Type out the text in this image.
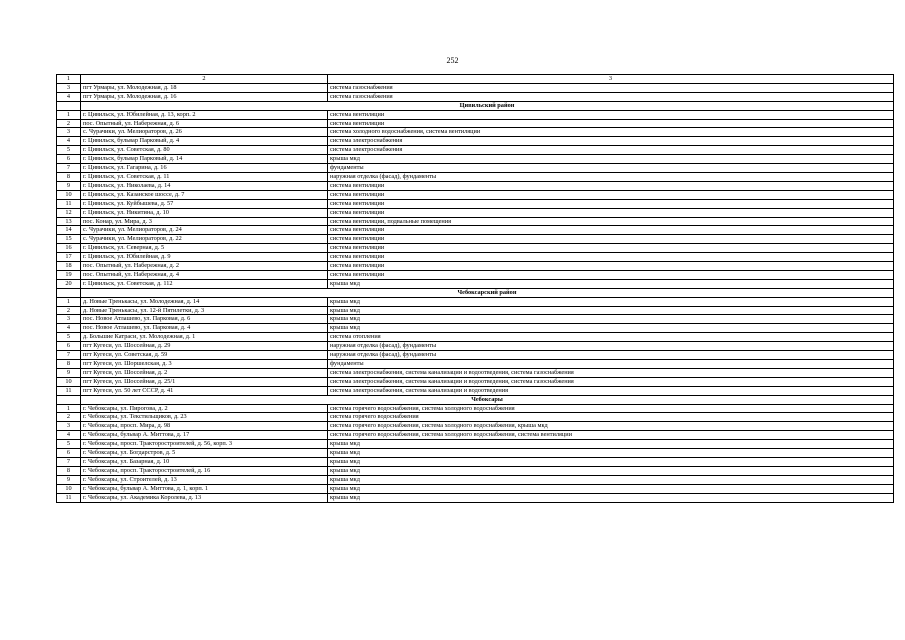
252
1	2	3
3	пгт Урмары, ул. Молодежная, д. 18	система газоснабжения
4	пгт Урмары, ул. Молодежная, д. 16	система газоснабжения
	Цивильский район	
1	г. Цивильск, ул. Юбилейная, д. 13, корп. 2	система вентиляции
2	пос. Опытный, ул. Набережная, д. 6	система вентиляции
3	с. Чурачики, ул. Мелиораторов, д. 26	система холодного водоснабжения, система вентиляции
4	г. Цивильск, бульвар Парковый, д. 4	система электроснабжения
5	г. Цивильск, ул. Советская, д. 80	система электроснабжения
6	г. Цивильск, бульвар Парковый, д. 14	крыша мкд
7	г. Цивильск, ул. Гагарина, д. 16	фундаменты
8	г. Цивильск, ул. Советская, д. 11	наружная отделка (фасад), фундаменты
9	г. Цивильск, ул. Николаева, д. 14	система вентиляции
10	г. Цивильск, ул. Казанское шоссе, д. 7	система вентиляции
11	г. Цивильск, ул. Куйбышева, д. 57	система вентиляции
12	г. Цивильск, ул. Никитина, д. 10	система вентиляции
13	пос. Конар, ул. Мира, д. 3	система вентиляции, подвальные помещения
14	с. Чурачики, ул. Мелиораторов, д. 24	система вентиляции
15	с. Чурачики, ул. Мелиораторов, д. 22	система вентиляции
16	г. Цивильск, ул. Северная, д. 5	система вентиляции
17	г. Цивильск, ул. Юбилейная, д. 9	система вентиляции
18	пос. Опытный, ул. Набережная, д. 2	система вентиляции
19	пос. Опытный, ул. Набережная, д. 4	система вентиляции
20	г. Цивильск, ул. Советская, д. 112	крыша мкд
	Чебоксарский район	
1	д. Новые Тренькасы, ул. Молодежная, д. 14	крыша мкд
2	д. Новые Тренькасы, ул. 12-й Пятилетки, д. 3	крыша мкд
3	пос. Новое Атлашево, ул. Парковая, д. 6	крыша мкд
4	пос. Новое Атлашево, ул. Парковая, д. 4	крыша мкд
5	д. Большие Катраси, ул. Молодежная, д. 1	система отопления
6	пгт Кугеси, ул. Шоссейная, д. 29	наружная отделка (фасад), фундаменты
7	пгт Кугеси, ул. Советская, д. 59	наружная отделка (фасад), фундаменты
8	пгт Кугеси, ул. Шоршелская, д. 3	фундаменты
9	пгт Кугеси, ул. Шоссейная, д. 2	система электроснабжения, система канализации и водоотведения, система газоснабжения
10	пгт Кугеси, ул. Шоссейная, д. 25/1	система электроснабжения, система канализации и водоотведения, система газоснабжения
11	пгт Кугеси, ул. 50 лет СССР, д. 41	система электроснабжения, система канализации и водоотведения
	Чебоксары	
1	г. Чебоксары, ул. Пирогова, д. 2	система горячего водоснабжения, система холодного водоснабжения
2	г. Чебоксары, ул. Текстильщиков, д. 23	система горячего водоснабжения
3	г. Чебоксары, просп. Мира, д. 98	система горячего водоснабжения, система холодного водоснабжения, крыша мкд
4	г. Чебоксары, бульвар А. Миттова, д. 17	система горячего водоснабжения, система холодного водоснабжения, система вентиляции
5	г. Чебоксары, просп. Тракторостроителей, д. 56, корп. 3	крыша мкд
6	г. Чебоксары, ул. Богдарстров, д. 5	крыша мкд
7	г. Чебоксары, ул. Базарная, д. 10	крыша мкд
8	г. Чебоксары, просп. Тракторостроителей, д. 16	крыша мкд
9	г. Чебоксары, ул. Строителей, д. 13	крыша мкд
10	г. Чебоксары, бульвар А. Миттова, д. 1, корп. 1	крыша мкд
11	г. Чебоксары, ул. Академика Королева, д. 13	крыша мкд
